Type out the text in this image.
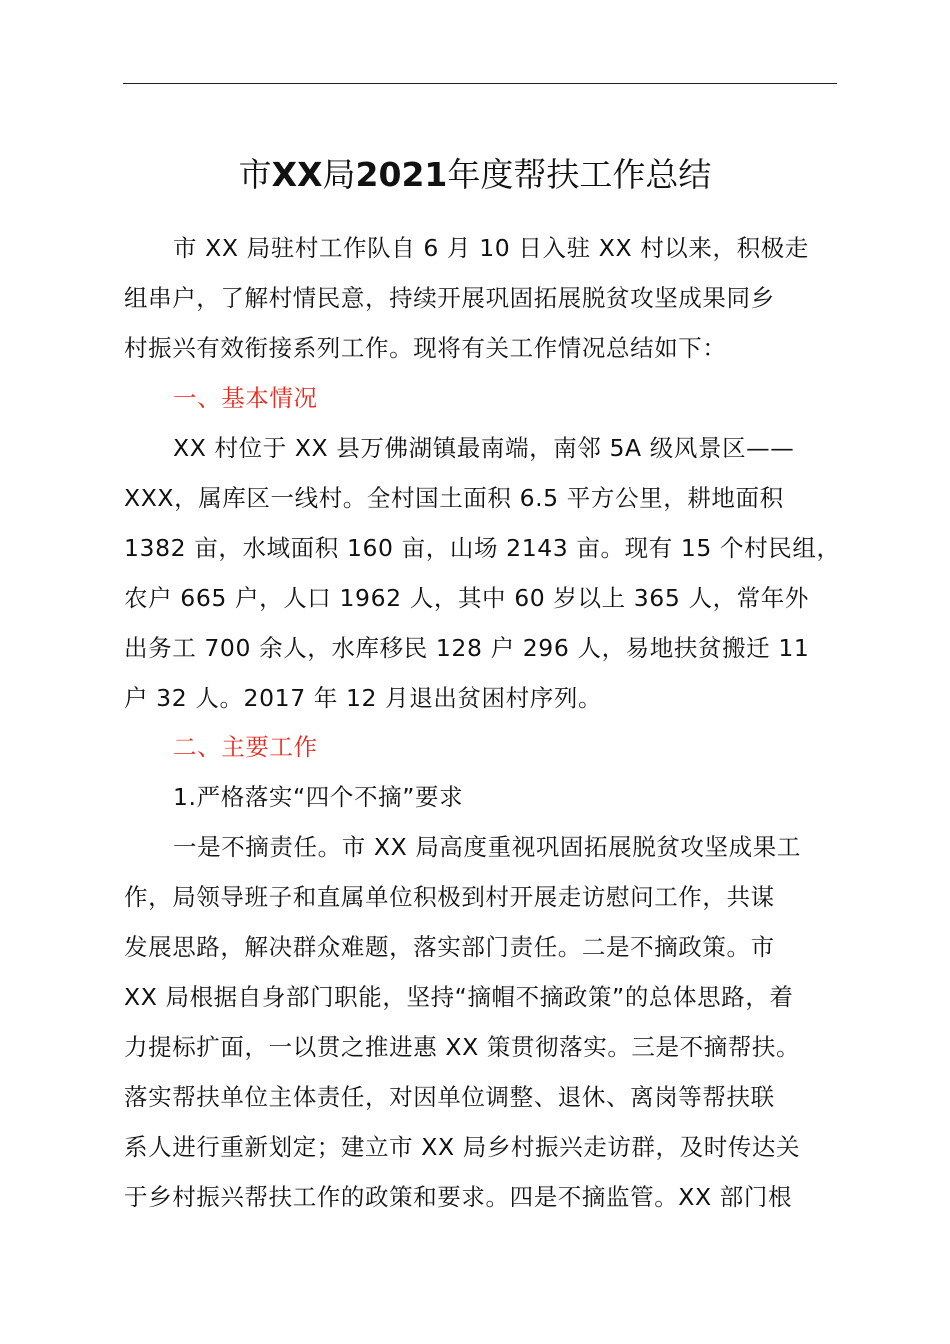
市XX局2021年度帮扶工作总结
市 XX 局驻村工作队自 6 月 10 日入驻 XX 村以来，积极走
组串户，了解村情民意，持续开展巩固拓展脱贫攻坚成果同乡
村振兴有效衔接系列工作。现将有关工作情况总结如下：
一、基本情况
XX 村位于 XX 县万佛湖镇最南端，南邻 5A 级风景区——
XXX，属库区一线村。全村国土面积 6.5 平方公里，耕地面积
1382 亩，水域面积 160 亩，山场 2143 亩。现有 15 个村民组，
农户 665 户，人口 1962 人，其中 60 岁以上 365 人，常年外
出务工 700 余人，水库移民 128 户 296 人，易地扶贫搬迁 11
户 32 人。2017 年 12 月退出贫困村序列。
二、主要工作
1.严格落实“四个不摘”要求
一是不摘责任。市 XX 局高度重视巩固拓展脱贫攻坚成果工
作，局领导班子和直属单位积极到村开展走访慰问工作，共谋
发展思路，解决群众难题，落实部门责任。二是不摘政策。市
XX 局根据自身部门职能，坚持“摘帽不摘政策”的总体思路，着
力提标扩面，一以贯之推进惠 XX 策贯彻落实。三是不摘帮扶。
落实帮扶单位主体责任，对因单位调整、退休、离岗等帮扶联
系人进行重新划定；建立市 XX 局乡村振兴走访群，及时传达关
于乡村振兴帮扶工作的政策和要求。四是不摘监管。XX 部门根
